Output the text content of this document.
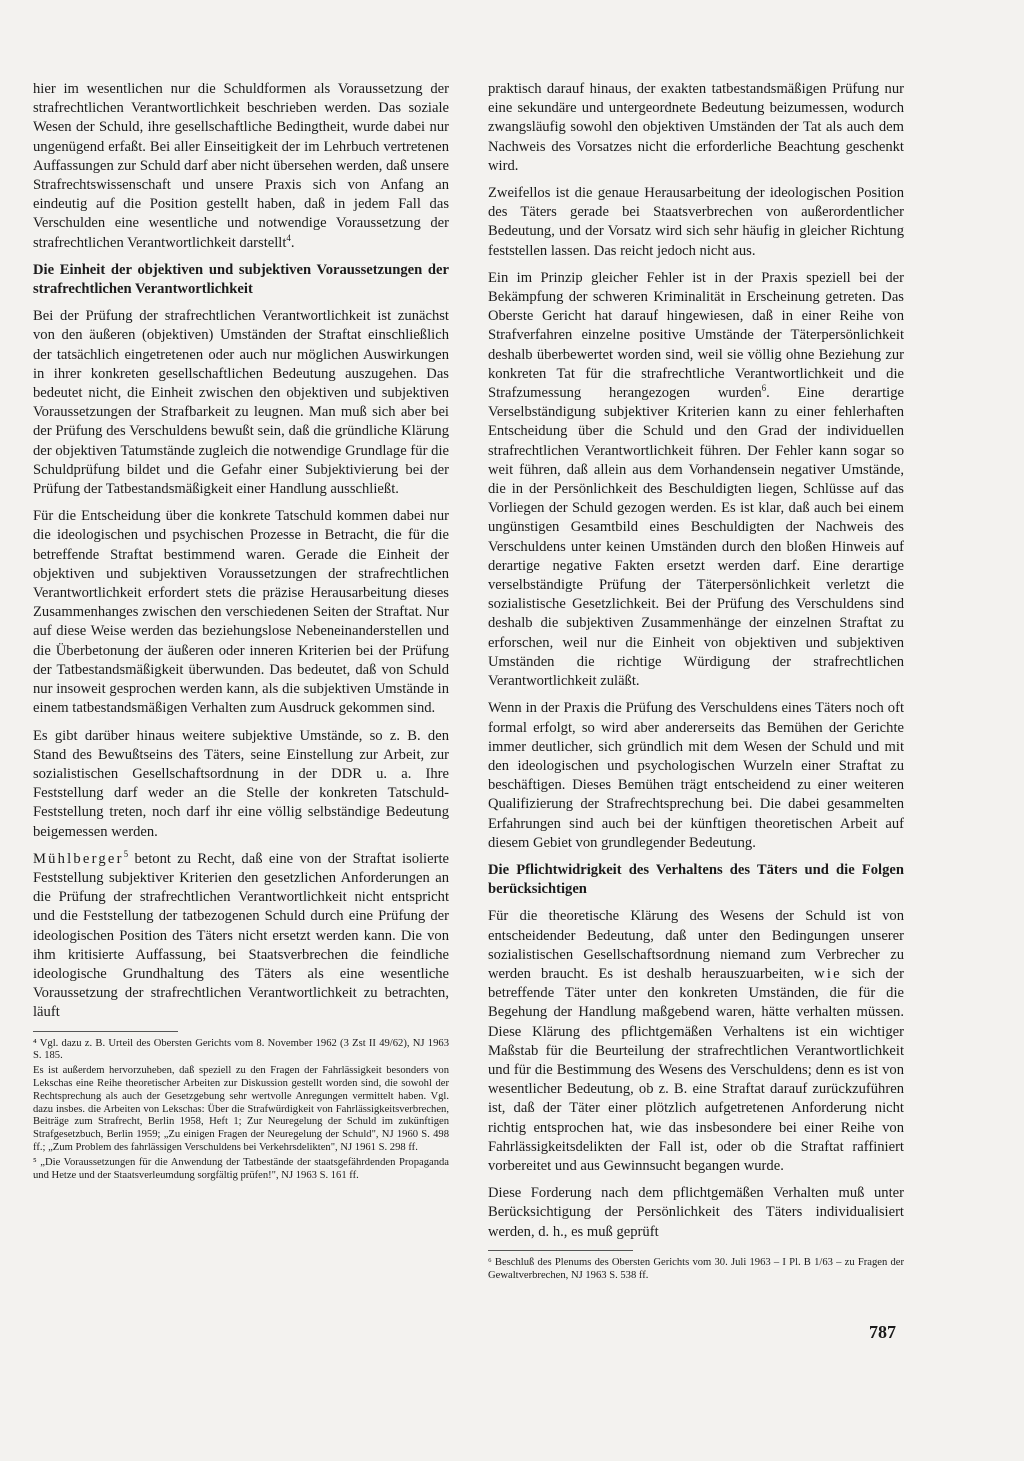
hier im wesentlichen nur die Schuldformen als Voraussetzung der strafrechtlichen Verantwortlichkeit beschrieben werden. Das soziale Wesen der Schuld, ihre gesellschaftliche Bedingtheit, wurde dabei nur ungenügend erfaßt. Bei aller Einseitigkeit der im Lehrbuch vertretenen Auffassungen zur Schuld darf aber nicht übersehen werden, daß unsere Strafrechtswissenschaft und unsere Praxis sich von Anfang an eindeutig auf die Position gestellt haben, daß in jedem Fall das Verschulden eine wesentliche und notwendige Voraussetzung der strafrechtlichen Verantwortlichkeit darstellt$^4$.

Die Einheit der objektiven und subjektiven Voraussetzungen der strafrechtlichen Verantwortlichkeit

Bei der Prüfung der strafrechtlichen Verantwortlichkeit ist zunächst von den äußeren (objektiven) Umständen der Straftat einschließlich der tatsächlich eingetretenen oder auch nur möglichen Auswirkungen in ihrer konkreten gesellschaftlichen Bedeutung auszugehen. Das bedeutet nicht, die Einheit zwischen den objektiven und subjektiven Voraussetzungen der Strafbarkeit zu leugnen. Man muß sich aber bei der Prüfung des Verschuldens bewußt sein, daß die gründliche Klärung der objektiven Tatumstände zugleich die notwendige Grundlage für die Schuldprüfung bildet und die Gefahr einer Subjektivierung bei der Prüfung der Tatbestandsmäßigkeit einer Handlung ausschließt.

Für die Entscheidung über die konkrete Tatschuld kommen dabei nur die ideologischen und psychischen Prozesse in Betracht, die für die betreffende Straftat bestimmend waren. Gerade die Einheit der objektiven und subjektiven Voraussetzungen der strafrechtlichen Verantwortlichkeit erfordert stets die präzise Herausarbeitung dieses Zusammenhanges zwischen den verschiedenen Seiten der Straftat. Nur auf diese Weise werden das beziehungslose Nebeneinanderstellen und die Überbetonung der äußeren oder inneren Kriterien bei der Prüfung der Tatbestandsmäßigkeit überwunden. Das bedeutet, daß von Schuld nur insoweit gesprochen werden kann, als die subjektiven Umstände in einem tatbestandsmäßigen Verhalten zum Ausdruck gekommen sind.

Es gibt darüber hinaus weitere subjektive Umstände, so z. B. den Stand des Bewußtseins des Täters, seine Einstellung zur Arbeit, zur sozialistischen Gesellschaftsordnung in der DDR u. a. Ihre Feststellung darf weder an die Stelle der konkreten Tatschuld-Feststellung treten, noch darf ihr eine völlig selbständige Bedeutung beigemessen werden.

Mühlberger$^5$ betont zu Recht, daß eine von der Straftat isolierte Feststellung subjektiver Kriterien den gesetzlichen Anforderungen an die Prüfung der strafrechtlichen Verantwortlichkeit nicht entspricht und die Feststellung der tatbezogenen Schuld durch eine Prüfung der ideologischen Position des Täters nicht ersetzt werden kann. Die von ihm kritisierte Auffassung, bei Staatsverbrechen die feindliche ideologische Grundhaltung des Täters als eine wesentliche Voraussetzung der strafrechtlichen Verantwortlichkeit zu betrachten, läuft

⁴ Vgl. dazu z. B. Urteil des Obersten Gerichts vom 8. November 1962 (3 Zst II 49/62), NJ 1963 S. 185.

Es ist außerdem hervorzuheben, daß speziell zu den Fragen der Fahrlässigkeit besonders von Lekschas eine Reihe theoretischer Arbeiten zur Diskussion gestellt worden sind, die sowohl der Rechtsprechung als auch der Gesetzgebung sehr wertvolle Anregungen vermittelt haben. Vgl. dazu insbes. die Arbeiten von Lekschas: Über die Strafwürdigkeit von Fahrlässigkeitsverbrechen, Beiträge zum Strafrecht, Berlin 1958, Heft 1; Zur Neuregelung der Schuld im zukünftigen Strafgesetzbuch, Berlin 1959; „Zu einigen Fragen der Neuregelung der Schuld", NJ 1960 S. 498 ff.; „Zum Problem des fahrlässigen Verschuldens bei Verkehrsdelikten", NJ 1961 S. 298 ff.

⁵ „Die Voraussetzungen für die Anwendung der Tatbestände der staatsgefährdenden Propaganda und Hetze und der Staatsverleumdung sorgfältig prüfen!", NJ 1963 S. 161 ff.

praktisch darauf hinaus, der exakten tatbestandsmäßigen Prüfung nur eine sekundäre und untergeordnete Bedeutung beizumessen, wodurch zwangsläufig sowohl den objektiven Umständen der Tat als auch dem Nachweis des Vorsatzes nicht die erforderliche Beachtung geschenkt wird.

Zweifellos ist die genaue Herausarbeitung der ideologischen Position des Täters gerade bei Staatsverbrechen von außerordentlicher Bedeutung, und der Vorsatz wird sich sehr häufig in gleicher Richtung feststellen lassen. Das reicht jedoch nicht aus.

Ein im Prinzip gleicher Fehler ist in der Praxis speziell bei der Bekämpfung der schweren Kriminalität in Erscheinung getreten. Das Oberste Gericht hat darauf hingewiesen, daß in einer Reihe von Strafverfahren einzelne positive Umstände der Täterpersönlichkeit deshalb überbewertet worden sind, weil sie völlig ohne Beziehung zur konkreten Tat für die strafrechtliche Verantwortlichkeit und die Strafzumessung herangezogen wurden$^6$. Eine derartige Verselbständigung subjektiver Kriterien kann zu einer fehlerhaften Entscheidung über die Schuld und den Grad der individuellen strafrechtlichen Verantwortlichkeit führen. Der Fehler kann sogar so weit führen, daß allein aus dem Vorhandensein negativer Umstände, die in der Persönlichkeit des Beschuldigten liegen, Schlüsse auf das Vorliegen der Schuld gezogen werden. Es ist klar, daß auch bei einem ungünstigen Gesamtbild eines Beschuldigten der Nachweis des Verschuldens unter keinen Umständen durch den bloßen Hinweis auf derartige negative Fakten ersetzt werden darf. Eine derartige verselbständigte Prüfung der Täterpersönlichkeit verletzt die sozialistische Gesetzlichkeit. Bei der Prüfung des Verschuldens sind deshalb die subjektiven Zusammenhänge der einzelnen Straftat zu erforschen, weil nur die Einheit von objektiven und subjektiven Umständen die richtige Würdigung der strafrechtlichen Verantwortlichkeit zuläßt.

Wenn in der Praxis die Prüfung des Verschuldens eines Täters noch oft formal erfolgt, so wird aber andererseits das Bemühen der Gerichte immer deutlicher, sich gründlich mit dem Wesen der Schuld und mit den ideologischen und psychologischen Wurzeln einer Straftat zu beschäftigen. Dieses Bemühen trägt entscheidend zu einer weiteren Qualifizierung der Strafrechtsprechung bei. Die dabei gesammelten Erfahrungen sind auch bei der künftigen theoretischen Arbeit auf diesem Gebiet von grundlegender Bedeutung.

Die Pflichtwidrigkeit des Verhaltens des Täters und die Folgen berücksichtigen

Für die theoretische Klärung des Wesens der Schuld ist von entscheidender Bedeutung, daß unter den Bedingungen unserer sozialistischen Gesellschaftsordnung niemand zum Verbrecher zu werden braucht. Es ist deshalb herauszuarbeiten, wie sich der betreffende Täter unter den konkreten Umständen, die für die Begehung der Handlung maßgebend waren, hätte verhalten müssen. Diese Klärung des pflichtgemäßen Verhaltens ist ein wichtiger Maßstab für die Beurteilung der strafrechtlichen Verantwortlichkeit und für die Bestimmung des Wesens des Verschuldens; denn es ist von wesentlicher Bedeutung, ob z. B. eine Straftat darauf zurückzuführen ist, daß der Täter einer plötzlich aufgetretenen Anforderung nicht richtig entsprochen hat, wie das insbesondere bei einer Reihe von Fahrlässigkeitsdelikten der Fall ist, oder ob die Straftat raffiniert vorbereitet und aus Gewinnsucht begangen wurde.

Diese Forderung nach dem pflichtgemäßen Verhalten muß unter Berücksichtigung der Persönlichkeit des Täters individualisiert werden, d. h., es muß geprüft

⁶ Beschluß des Plenums des Obersten Gerichts vom 30. Juli 1963 – I Pl. B 1/63 – zu Fragen der Gewaltverbrechen, NJ 1963 S. 538 ff.

787
